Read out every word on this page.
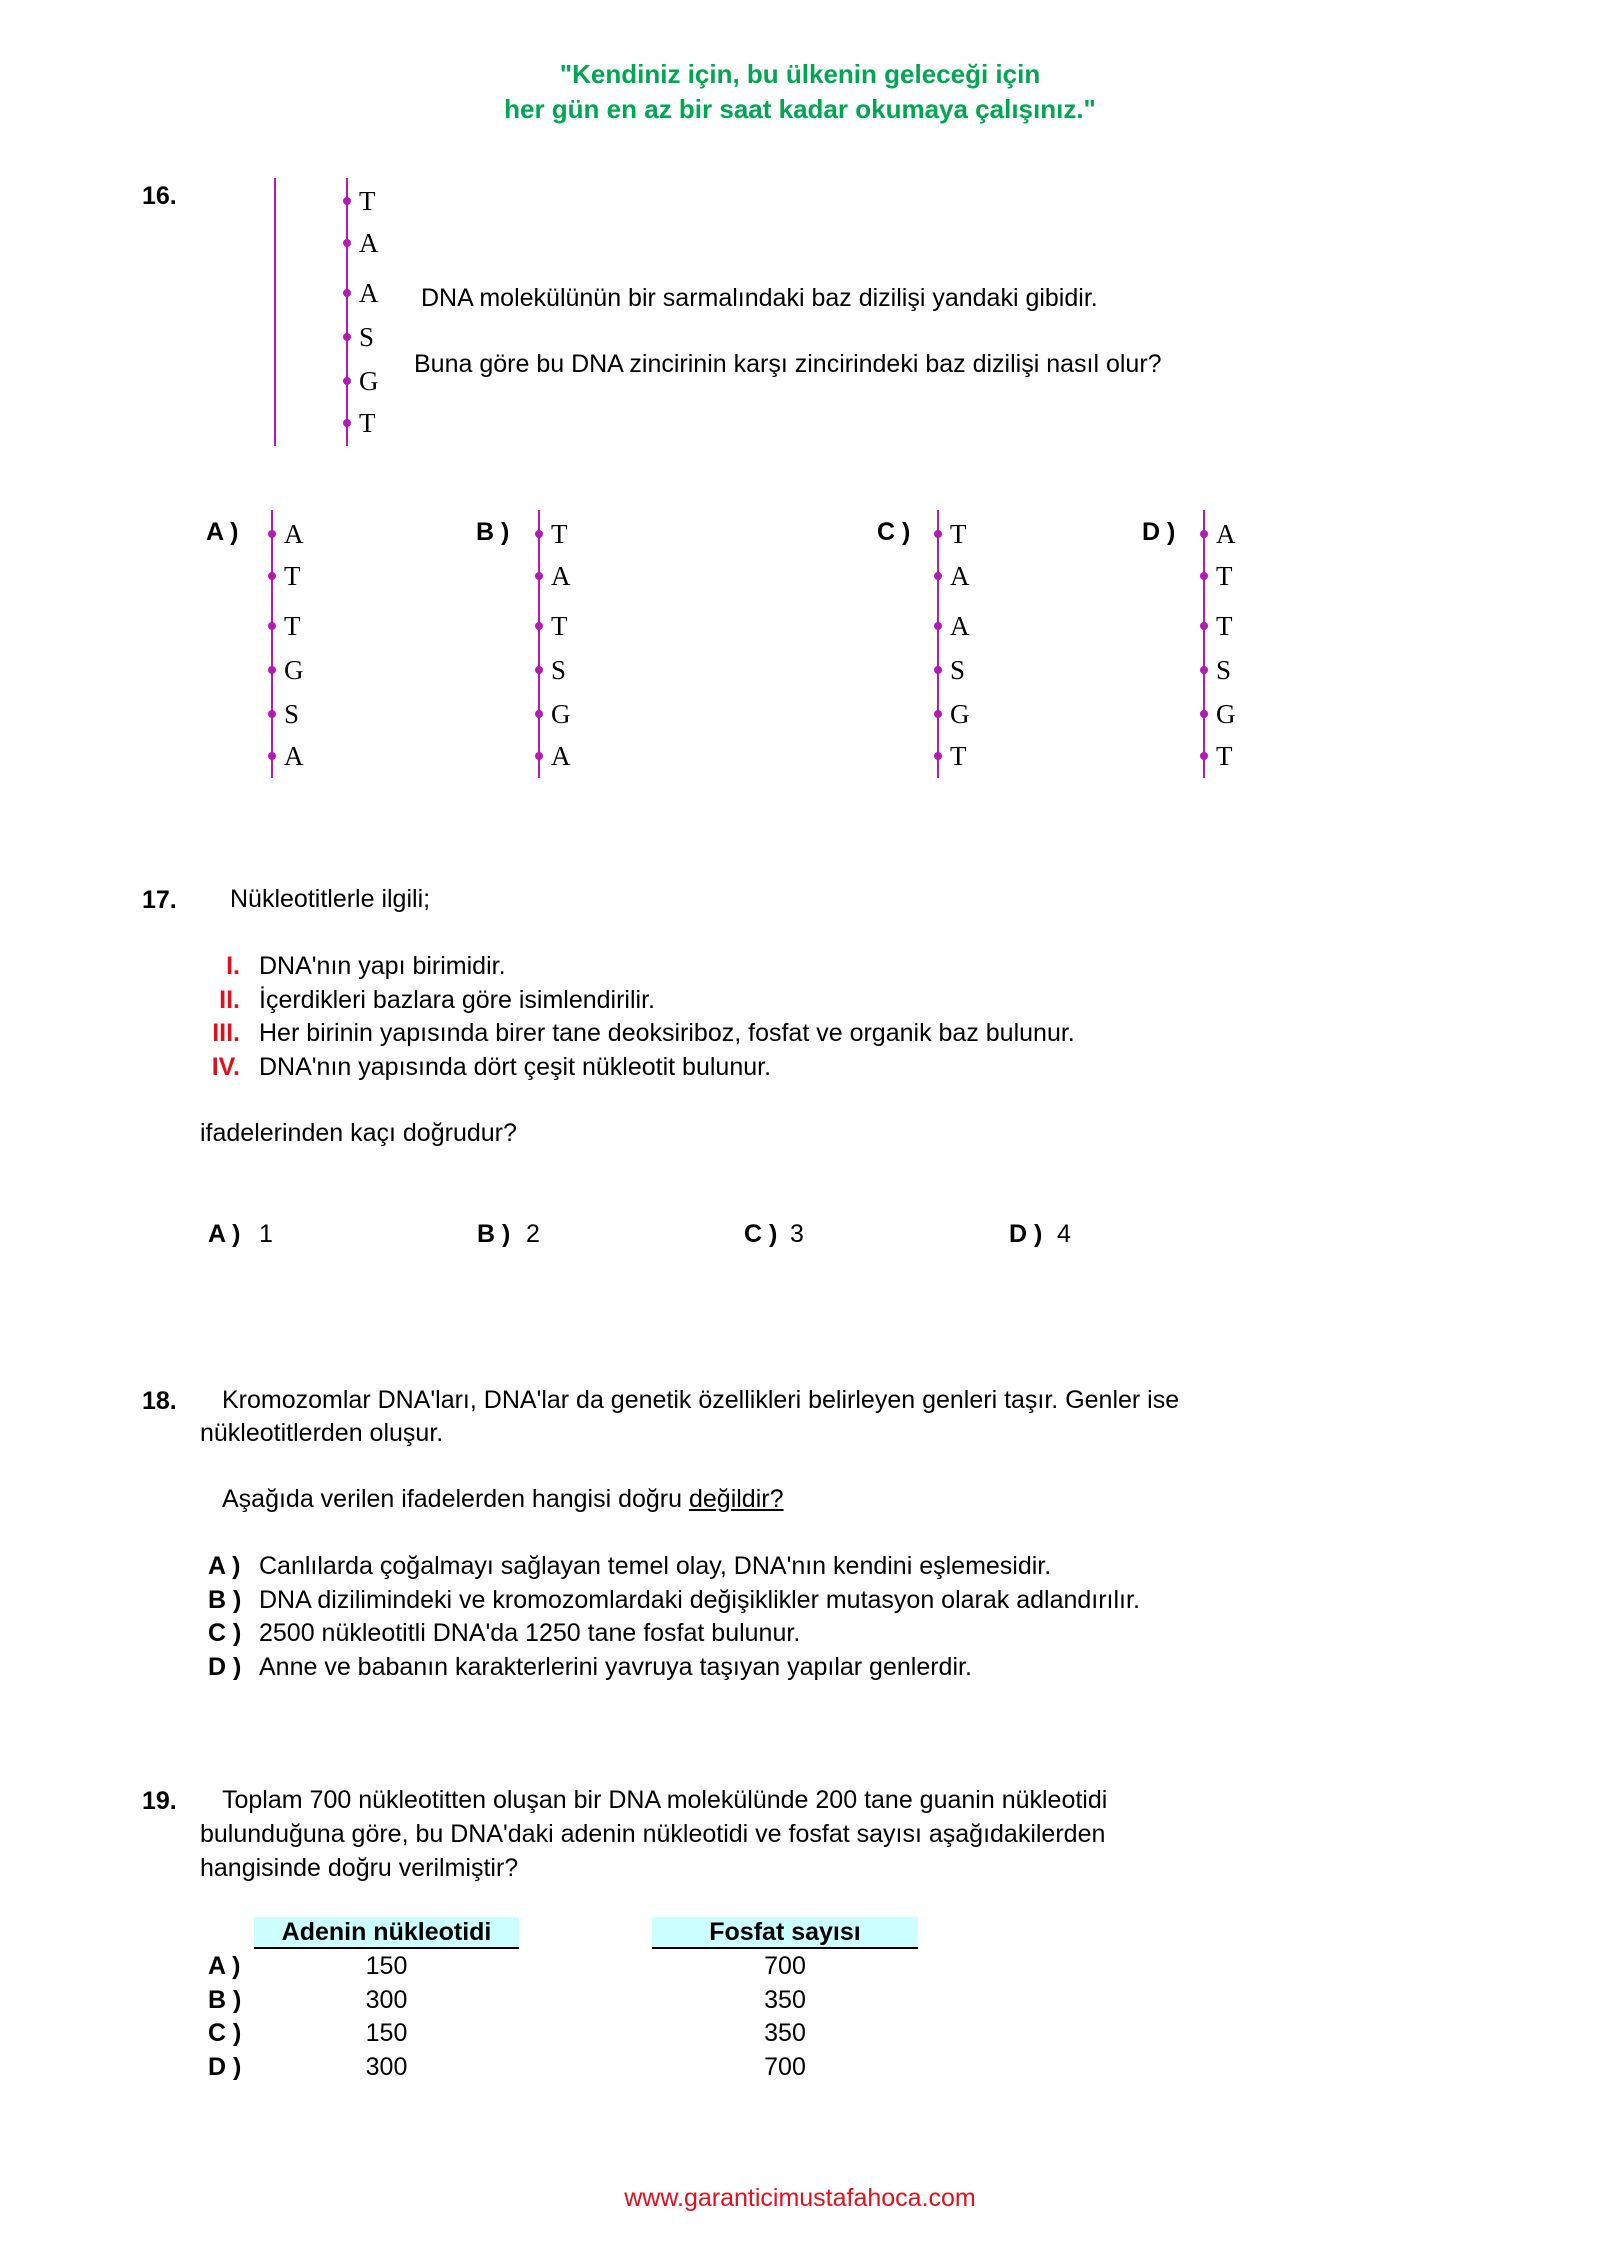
"Kendiniz için, bu ülkenin geleceği için
her gün en az bir saat kadar okumaya çalışınız."
16.	T
A
A
S
G
T
DNA molekülünün bir sarmalındaki baz dizilişi yandaki gibidir.
Buna göre bu DNA zincirinin karşı zincirindeki baz dizilişi nasıl olur?
A ) A
T
T
G
S
A
B ) T
A
T
S
G
A
C ) T
A
A
S
G
T
D ) A
T
T
S
G
T
17. Nükleotitlerle ilgili;
I. DNA'nın yapı birimidir.
II. İçerdikleri bazlara göre isimlendirilir.
III. Her birinin yapısında birer tane deoksiriboz, fosfat ve organik baz bulunur.
IV. DNA'nın yapısında dört çeşit nükleotit bulunur.
ifadelerinden kaçı doğrudur?
A ) 1	B ) 2	C ) 3	D ) 4
18. Kromozomlar DNA'ları, DNA'lar da genetik özellikleri belirleyen genleri taşır. Genler ise
nükleotitlerden oluşur.
Aşağıda verilen ifadelerden hangisi doğru değildir?
A ) Canlılarda çoğalmayı sağlayan temel olay, DNA'nın kendini eşlemesidir.
B ) DNA dizilimindeki ve kromozomlardaki değişiklikler mutasyon olarak adlandırılır.
C ) 2500 nükleotitli DNA'da 1250 tane fosfat bulunur.
D ) Anne ve babanın karakterlerini yavruya taşıyan yapılar genlerdir.
19. Toplam 700 nükleotitten oluşan bir DNA molekülünde 200 tane guanin nükleotidi
bulunduğuna göre, bu DNA'daki adenin nükleotidi ve fosfat sayısı aşağıdakilerden
hangisinde doğru verilmiştir?
Adenin nükleotidi	Fosfat sayısı
A )	150	700
B )	300	350
C )	150	350
D )	300	700
www.garanticimustafahoca.com
